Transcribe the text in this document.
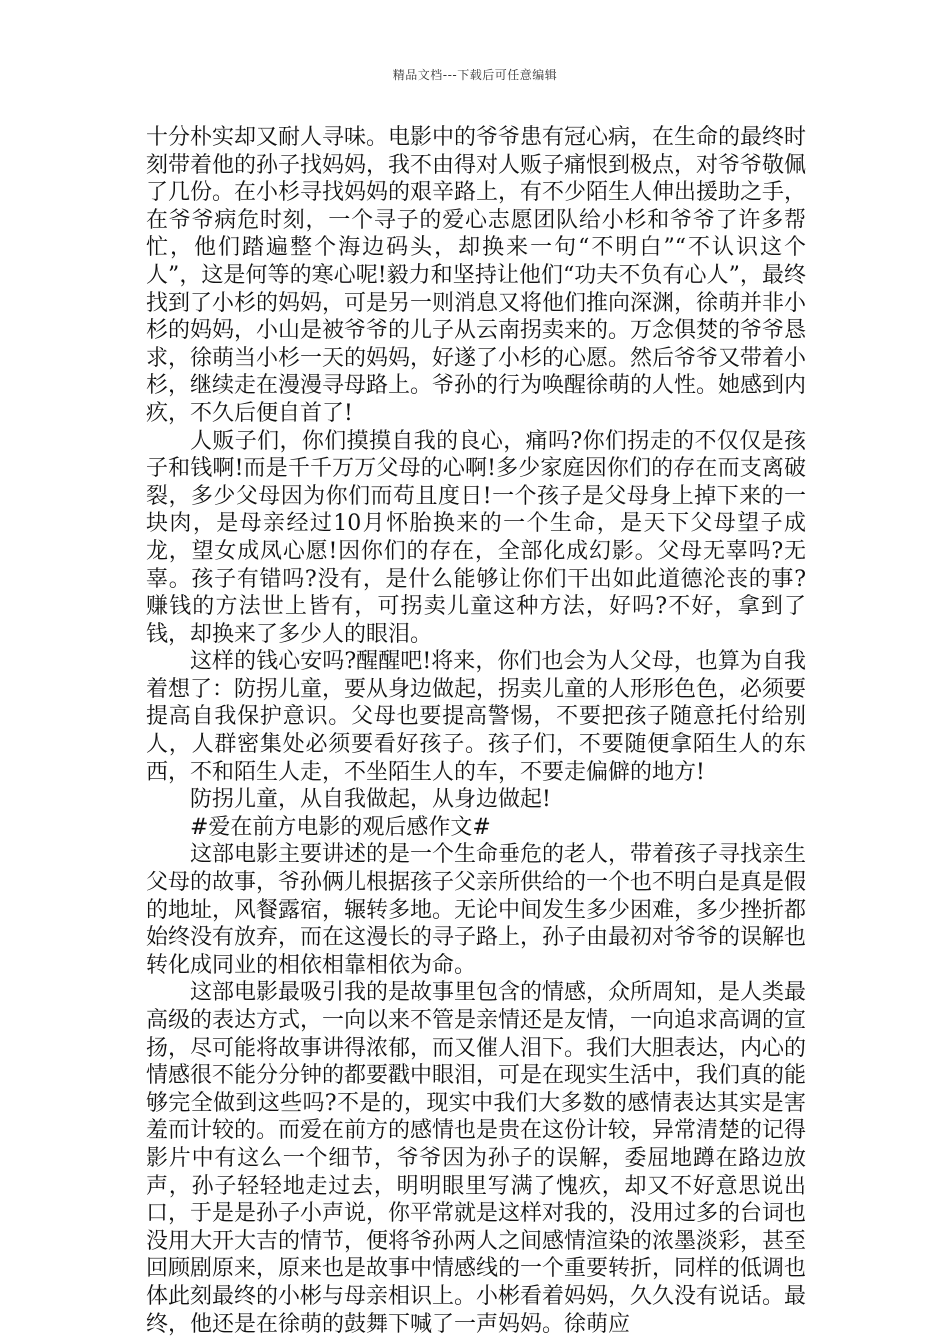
精品文档---下载后可任意编辑

十分朴实却又耐人寻味。电影中的爷爷患有冠心病，在生命的最终时刻带着他的孙子找妈妈，我不由得对人贩子痛恨到极点，对爷爷敬佩了几份。在小杉寻找妈妈的艰辛路上，有不少陌生人伸出援助之手，在爷爷病危时刻，一个寻子的爱心志愿团队给小杉和爷爷了许多帮忙，他们踏遍整个海边码头，却换来一句“不明白”“不认识这个人”，这是何等的寒心呢!毅力和坚持让他们“功夫不负有心人”，最终找到了小杉的妈妈，可是另一则消息又将他们推向深渊，徐萌并非小杉的妈妈，小山是被爷爷的儿子从云南拐卖来的。万念俱焚的爷爷恳求，徐萌当小杉一天的妈妈，好遂了小杉的心愿。然后爷爷又带着小杉，继续走在漫漫寻母路上。爷孙的行为唤醒徐萌的人性。她感到内疚，不久后便自首了!

人贩子们，你们摸摸自我的良心，痛吗?你们拐走的不仅仅是孩子和钱啊!而是千千万万父母的心啊!多少家庭因你们的存在而支离破裂，多少父母因为你们而苟且度日!一个孩子是父母身上掉下来的一块肉，是母亲经过10月怀胎换来的一个生命，是天下父母望子成龙，望女成凤心愿!因你们的存在，全部化成幻影。父母无辜吗?无辜。孩子有错吗?没有，是什么能够让你们干出如此道德沦丧的事?赚钱的方法世上皆有，可拐卖儿童这种方法，好吗?不好，拿到了钱，却换来了多少人的眼泪。

这样的钱心安吗?醒醒吧!将来，你们也会为人父母，也算为自我着想了：防拐儿童，要从身边做起，拐卖儿童的人形形色色，必须要提高自我保护意识。父母也要提高警惕，不要把孩子随意托付给别人，人群密集处必须要看好孩子。孩子们，不要随便拿陌生人的东西，不和陌生人走，不坐陌生人的车，不要走偏僻的地方!

防拐儿童，从自我做起，从身边做起!

#爱在前方电影的观后感作文#

这部电影主要讲述的是一个生命垂危的老人，带着孩子寻找亲生父母的故事，爷孙俩儿根据孩子父亲所供给的一个也不明白是真是假的地址，风餐露宿，辗转多地。无论中间发生多少困难，多少挫折都始终没有放弃，而在这漫长的寻子路上，孙子由最初对爷爷的误解也转化成同业的相依相靠相依为命。

这部电影最吸引我的是故事里包含的情感，众所周知，是人类最高级的表达方式，一向以来不管是亲情还是友情，一向追求高调的宣扬，尽可能将故事讲得浓郁，而又催人泪下。我们大胆表达，内心的情感很不能分分钟的都要戳中眼泪，可是在现实生活中，我们真的能够完全做到这些吗?不是的，现实中我们大多数的感情表达其实是害羞而计较的。而爱在前方的感情也是贵在这份计较，异常清楚的记得影片中有这么一个细节，爷爷因为孙子的误解，委屈地蹲在路边放声，孙子轻轻地走过去，明明眼里写满了愧疚，却又不好意思说出口，于是是孙子小声说，你平常就是这样对我的，没用过多的台词也没用大开大吉的情节，便将爷孙两人之间感情渲染的浓墨淡彩，甚至回顾剧原来，原来也是故事中情感线的一个重要转折，同样的低调也体此刻最终的小彬与母亲相识上。小彬看着妈妈，久久没有说话。最终，他还是在徐萌的鼓舞下喊了一声妈妈。徐萌应
